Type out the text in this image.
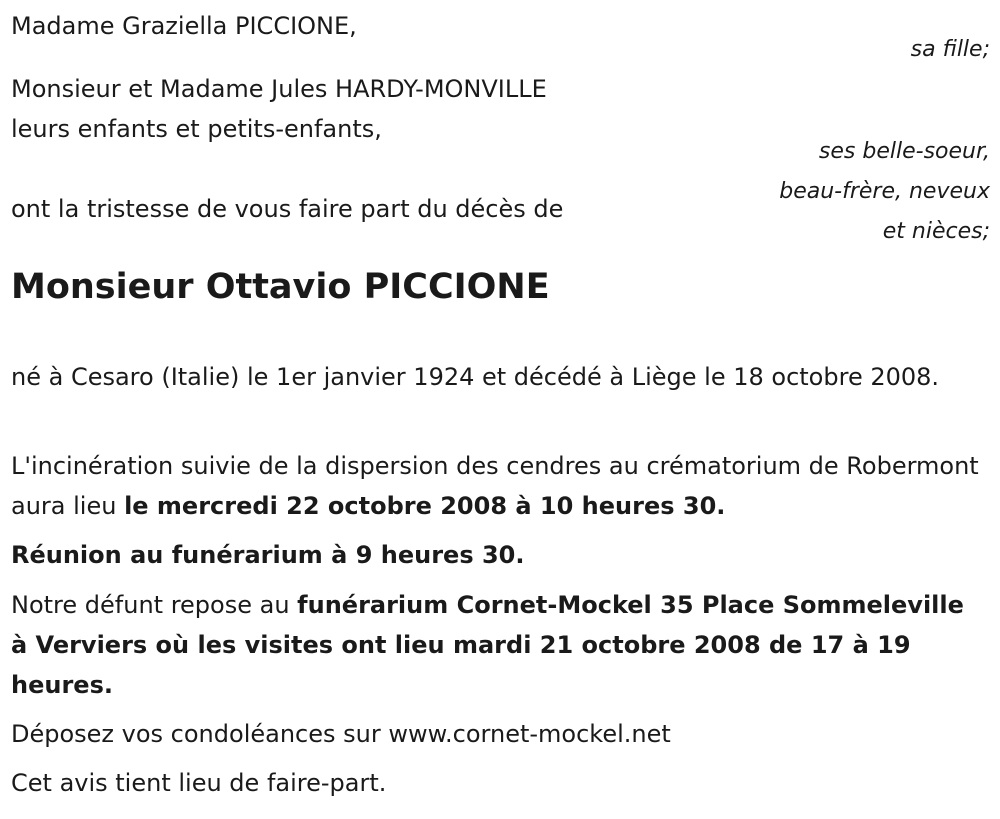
Madame Graziella PICCIONE,
sa fille;
Monsieur et Madame Jules HARDY-MONVILLE
leurs enfants et petits-enfants,
ses belle-soeur,
beau-frère, neveux
et nièces;
ont la tristesse de vous faire part du décès de
Monsieur Ottavio PICCIONE
né à Cesaro (Italie) le 1er janvier 1924 et décédé à Liège le 18 octobre 2008.
L'incinération suivie de la dispersion des cendres au crématorium de Robermont aura lieu le mercredi 22 octobre 2008 à 10 heures 30.
Réunion au funérarium à 9 heures 30.
Notre défunt repose au funérarium Cornet-Mockel 35 Place Sommeleville à Verviers où les visites ont lieu mardi 21 octobre 2008 de 17 à 19 heures.
Déposez vos condoléances sur www.cornet-mockel.net
Cet avis tient lieu de faire-part.
